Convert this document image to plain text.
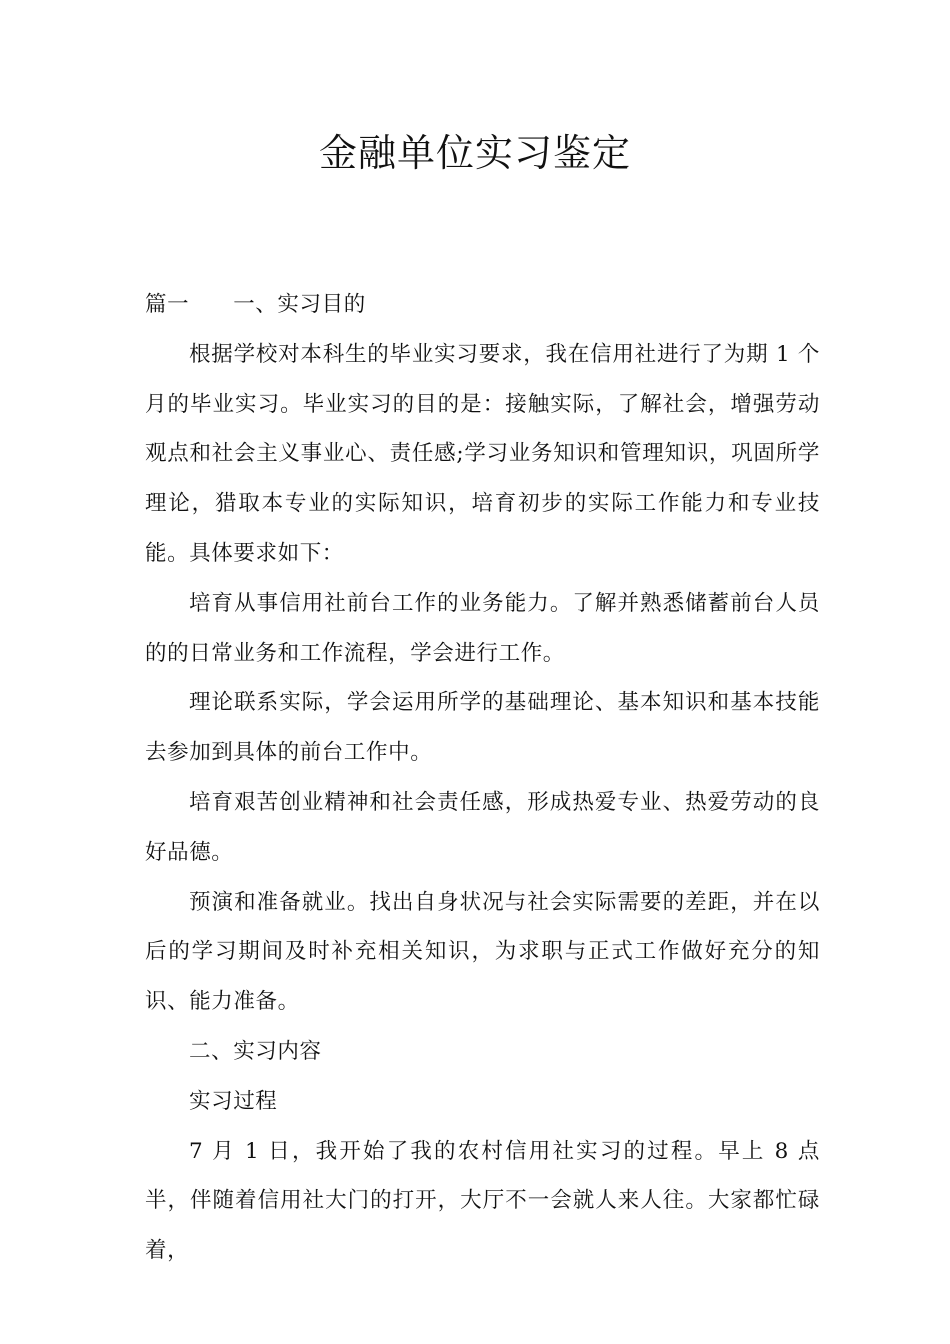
金融单位实习鉴定

篇一 一、实习目的

根据学校对本科生的毕业实习要求，我在信用社进行了为期 1 个月的毕业实习。毕业实习的目的是：接触实际，了解社会，增强劳动观点和社会主义事业心、责任感;学习业务知识和管理知识，巩固所学理论，猎取本专业的实际知识，培育初步的实际工作能力和专业技能。具体要求如下：

培育从事信用社前台工作的业务能力。了解并熟悉储蓄前台人员的的日常业务和工作流程，学会进行工作。

理论联系实际，学会运用所学的基础理论、基本知识和基本技能去参加到具体的前台工作中。

培育艰苦创业精神和社会责任感，形成热爱专业、热爱劳动的良好品德。

预演和准备就业。找出自身状况与社会实际需要的差距，并在以后的学习期间及时补充相关知识，为求职与正式工作做好充分的知识、能力准备。

二、实习内容

实习过程

7 月 1 日，我开始了我的农村信用社实习的过程。早上 8 点半，伴随着信用社大门的打开，大厅不一会就人来人往。大家都忙碌着，
